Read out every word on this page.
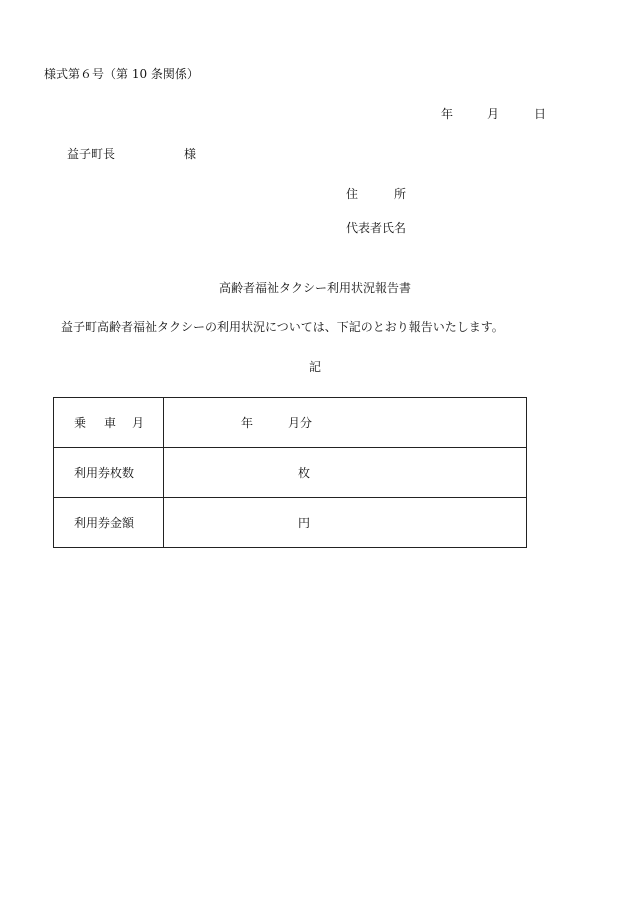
様式第６号（第 10 条関係）
年	月	日
益子町長	様
住	所
代表者氏名
高齢者福祉タクシー利用状況報告書
益子町高齢者福祉タクシーの利用状況については、下記のとおり報告いたします。
記
乗 車 月	年 月分

利用券枚数	枚

利用券金額	円
